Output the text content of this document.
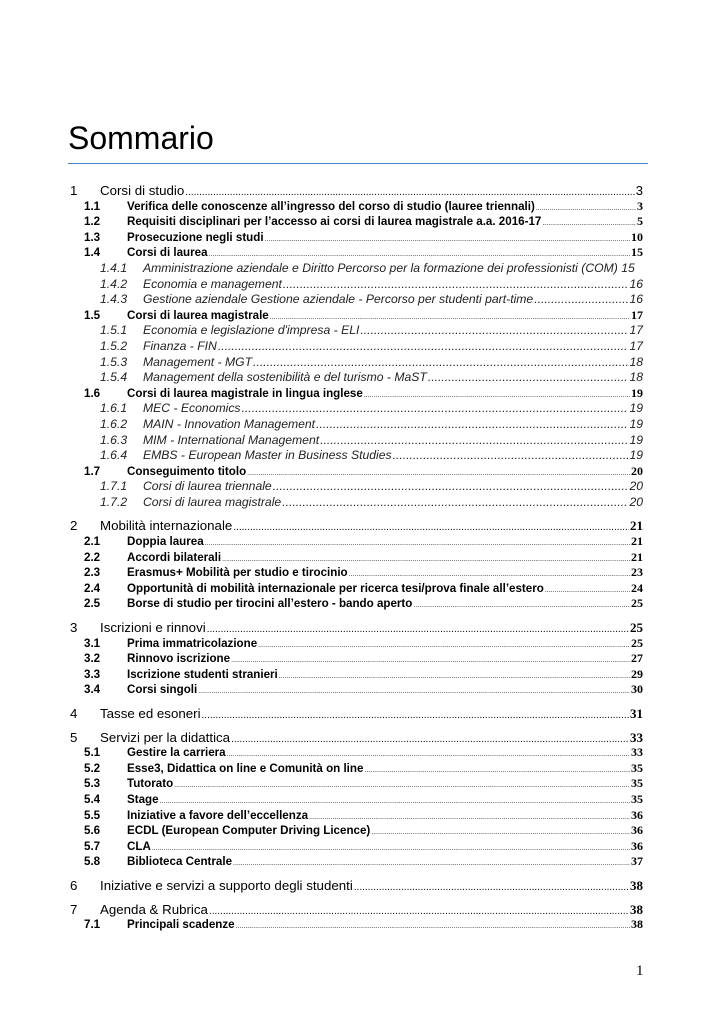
Sommario
1	Corsi di studio .....	3
1.1	Verifica delle conoscenze all’ingresso del corso di studio (lauree triennali) .....	3
1.2	Requisiti disciplinari per l’accesso ai corsi di laurea magistrale a.a. 2016-17 .....	5
1.3	Prosecuzione negli studi .....	10
1.4	Corsi di laurea .....	15
1.4.1 Amministrazione aziendale e Diritto Percorso per la formazione dei professionisti (COM) 15
1.4.2	Economia e management .....	16
1.4.3	Gestione aziendale Gestione aziendale - Percorso per studenti part-time .....	16
1.5	Corsi di laurea magistrale .....	17
1.5.1	Economia e legislazione d'impresa - ELI .....	17
1.5.2	Finanza - FIN .....	17
1.5.3	Management - MGT .....	18
1.5.4	Management della sostenibilità e del turismo - MaST .....	18
1.6	Corsi di laurea magistrale in lingua inglese .....	19
1.6.1	MEC - Economics .....	19
1.6.2	MAIN - Innovation Management .....	19
1.6.3	MIM - International Management .....	19
1.6.4	EMBS - European Master in Business Studies .....	19
1.7	Conseguimento titolo .....	20
1.7.1	Corsi di laurea triennale .....	20
1.7.2	Corsi di laurea magistrale .....	20
2	Mobilità internazionale .....	21
2.1	Doppia laurea .....	21
2.2	Accordi bilaterali .....	21
2.3	Erasmus+ Mobilità per studio e tirocinio .....	23
2.4	Opportunità di mobilità internazionale per ricerca tesi/prova finale all’estero .....	24
2.5	Borse di studio per tirocini all’estero - bando aperto .....	25
3	Iscrizioni e rinnovi .....	25
3.1	Prima immatricolazione .....	25
3.2	Rinnovo iscrizione .....	27
3.3	Iscrizione studenti stranieri .....	29
3.4	Corsi singoli .....	30
4	Tasse ed esoneri .....	31
5	Servizi per la didattica .....	33
5.1	Gestire la carriera .....	33
5.2	Esse3, Didattica on line e Comunità on line .....	35
5.3	Tutorato .....	35
5.4	Stage .....	35
5.5	Iniziative a favore dell’eccellenza .....	36
5.6	ECDL (European Computer Driving Licence) .....	36
5.7	CLA .....	36
5.8	Biblioteca Centrale .....	37
6	Iniziative e servizi a supporto degli studenti .....	38
7	Agenda & Rubrica .....	38
7.1	Principali scadenze .....	38
1
